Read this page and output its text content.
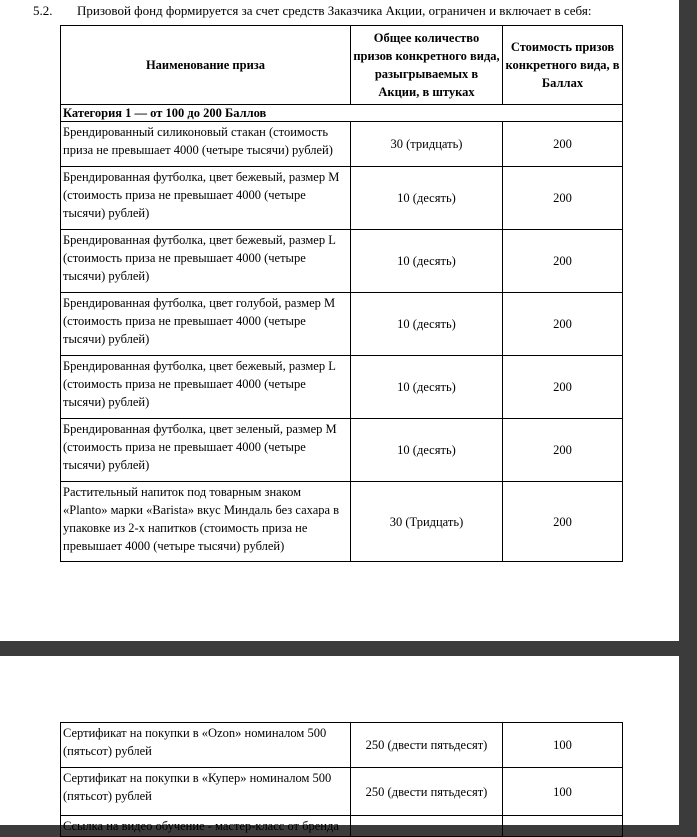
5.2. Призовой фонд формируется за счет средств Заказчика Акции, ограничен и включает в себя:
Наименование приза	Общее количество призов конкретного вида, разыгрываемых в Акции, в штуках	Стоимость призов конкретного вида, в Баллах
Категория 1 — от 100 до 200 Баллов		
Брендированный силиконовый стакан (стоимость приза не превышает 4000 (четыре тысячи) рублей)	30 (тридцать)	200
Брендированная футболка, цвет бежевый, размер M (стоимость приза не превышает 4000 (четыре тысячи) рублей)	10 (десять)	200
Брендированная футболка, цвет бежевый, размер L (стоимость приза не превышает 4000 (четыре тысячи) рублей)	10 (десять)	200
Брендированная футболка, цвет голубой, размер M (стоимость приза не превышает 4000 (четыре тысячи) рублей)	10 (десять)	200
Брендированная футболка, цвет бежевый, размер L (стоимость приза не превышает 4000 (четыре тысячи) рублей)	10 (десять)	200
Брендированная футболка, цвет зеленый, размер M (стоимость приза не превышает 4000 (четыре тысячи) рублей)	10 (десять)	200
Растительный напиток под товарным знаком «Planto» марки «Barista» вкус Миндаль без сахара в упаковке из 2-х напитков (стоимость приза не превышает 4000 (четыре тысячи) рублей)	30 (Тридцать)	200
Сертификат на покупки в «Ozon» номиналом 500 (пятьсот) рублей	250 (двести пятьдесят)	100
Сертификат на покупки в «Купер» номиналом 500 (пятьсот) рублей	250 (двести пятьдесят)	100
Ссылка на видео обучение - мастер-класс от бренда		
